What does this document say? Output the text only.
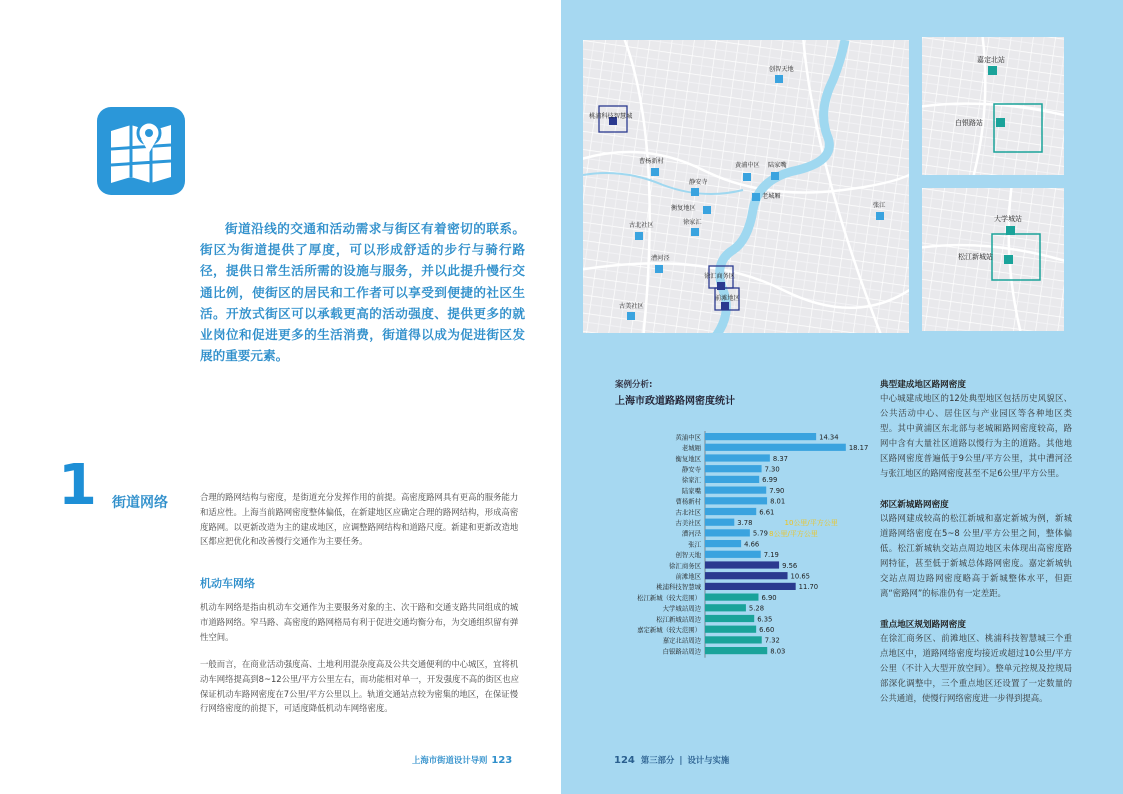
街道沿线的交通和活动需求与街区有着密切的联系。街区为街道提供了厚度，可以形成舒适的步行与骑行路径，提供日常生活所需的设施与服务，并以此提升慢行交通比例，使街区的居民和工作者可以享受到便捷的社区生活。开放式街区可以承载更高的活动强度、提供更多的就业岗位和促进更多的生活消费，街道得以成为促进街区发展的重要元素。

1 街道网络	合理的路网结构与密度，是街道充分发挥作用的前提。高密度路网具有更高的服务能力和适应性。上海当前路网密度整体偏低，在新建地区应确定合理的路网结构，形成高密度路网。以更新改造为主的建成地区，应调整路网结构和道路尺度。新建和更新改造地区都应把优化和改善慢行交通作为主要任务。

机动车网络

机动车网络是指由机动车交通作为主要服务对象的主、次干路和交通支路共同组成的城市道路网络。窄马路、高密度的路网格局有利于促进交通均衡分布，为交通组织留有弹性空间。

一般而言，在商业活动强度高、土地利用混杂度高及公共交通便利的中心城区，宜将机动车网络提高到8~12公里/平方公里左右，而功能相对单一，开发强度不高的街区也应保证机动车路网密度在7公里/平方公里以上。轨道交通站点较为密集的地区，在保证慢行网络密度的前提下，可适度降低机动车网络密度。

上海市街道设计导则 123
创智天地
桃浦科技智慧城
曹杨新村
静安寺
黄浦中区 陆家嘴
老城厢
衡复地区
古北社区	徐家汇
张江
漕河泾
徐汇商务区
前滩地区
古美社区
嘉定北站
白银路站
大学城站
松江新城站
案例分析:
上海市政道路路网密度统计
黄浦中区	14.34
老城厢	18.17
衡复地区	8.37
静安寺	7.30
徐家汇	6.99
陆家嘴	7.90
曹杨新村	8.01
古北社区	6.61
古美社区	3.78
漕河泾	5.79
张江	4.66
创智天地	7.19
徐汇商务区	9.56
前滩地区	10.65
桃浦科技智慧城	11.70
松江新城（较大范围）	6.90
大学城站周边	5.28
松江新城站周边	6.35
嘉定新城（较大范围）	6.60
嘉定北站周边	7.32
白银路站周边	8.03
10公里/平方公里
8公里/平方公里
典型建成地区路网密度

中心城建成地区的12处典型地区包括历史风貌区、公共活动中心、居住区与产业园区等各种地区类型。其中黄浦区东北部与老城厢路网密度较高，路网中含有大量社区道路以慢行为主的道路。其他地区路网密度普遍低于9公里/平方公里，其中漕河泾与张江地区的路网密度甚至不足6公里/平方公里。

郊区新城路网密度

以路网建成较高的松江新城和嘉定新城为例，新城道路网络密度在5~8 公里/平方公里之间，整体偏低。松江新城轨交站点周边地区未体现出高密度路网特征，甚至低于新城总体路网密度。嘉定新城轨交站点周边路网密度略高于新城整体水平，但距离“密路网”的标准仍有一定差距。

重点地区规划路网密度

在徐汇商务区、前滩地区、桃浦科技智慧城三个重点地区中，道路网络密度均接近或超过10公里/平方公里（不计入大型开放空间）。整单元控规及控规局部深化调整中，三个重点地区还设置了一定数量的公共通道，使慢行网络密度进一步得到提高。

124 第三部分 | 设计与实施
